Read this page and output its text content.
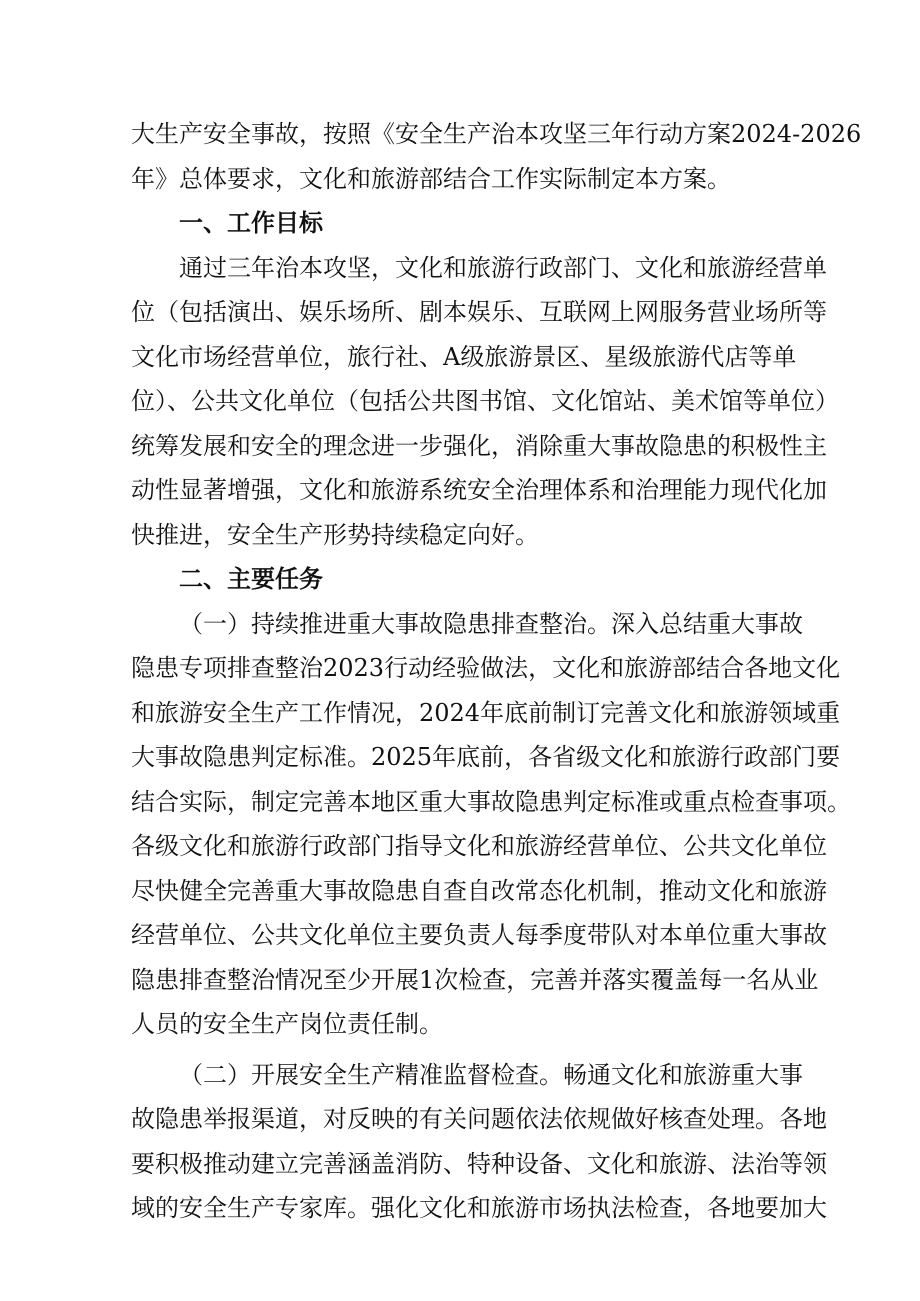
大生产安全事故，按照《安全生产治本攻坚三年行动方案2024-2026
年》总体要求，文化和旅游部结合工作实际制定本方案。
一、工作目标
通过三年治本攻坚，文化和旅游行政部门、文化和旅游经营单
位（包括演出、娱乐场所、剧本娱乐、互联网上网服务营业场所等
文化市场经营单位，旅行社、A级旅游景区、星级旅游代店等单
位）、公共文化单位（包括公共图书馆、文化馆站、美术馆等单位）
统筹发展和安全的理念进一步强化，消除重大事故隐患的积极性主
动性显著增强，文化和旅游系统安全治理体系和治理能力现代化加
快推进，安全生产形势持续稳定向好。
二、主要任务
（一）持续推进重大事故隐患排查整治。深入总结重大事故
隐患专项排查整治2023行动经验做法，文化和旅游部结合各地文化
和旅游安全生产工作情况，2024年底前制订完善文化和旅游领域重
大事故隐患判定标准。2025年底前，各省级文化和旅游行政部门要
结合实际，制定完善本地区重大事故隐患判定标准或重点检查事项。
各级文化和旅游行政部门指导文化和旅游经营单位、公共文化单位
尽快健全完善重大事故隐患自查自改常态化机制，推动文化和旅游
经营单位、公共文化单位主要负责人每季度带队对本单位重大事故
隐患排查整治情况至少开展1次检查，完善并落实覆盖每一名从业
人员的安全生产岗位责任制。
（二）开展安全生产精准监督检查。畅通文化和旅游重大事
故隐患举报渠道，对反映的有关问题依法依规做好核查处理。各地
要积极推动建立完善涵盖消防、特种设备、文化和旅游、法治等领
域的安全生产专家库。强化文化和旅游市场执法检查，各地要加大
